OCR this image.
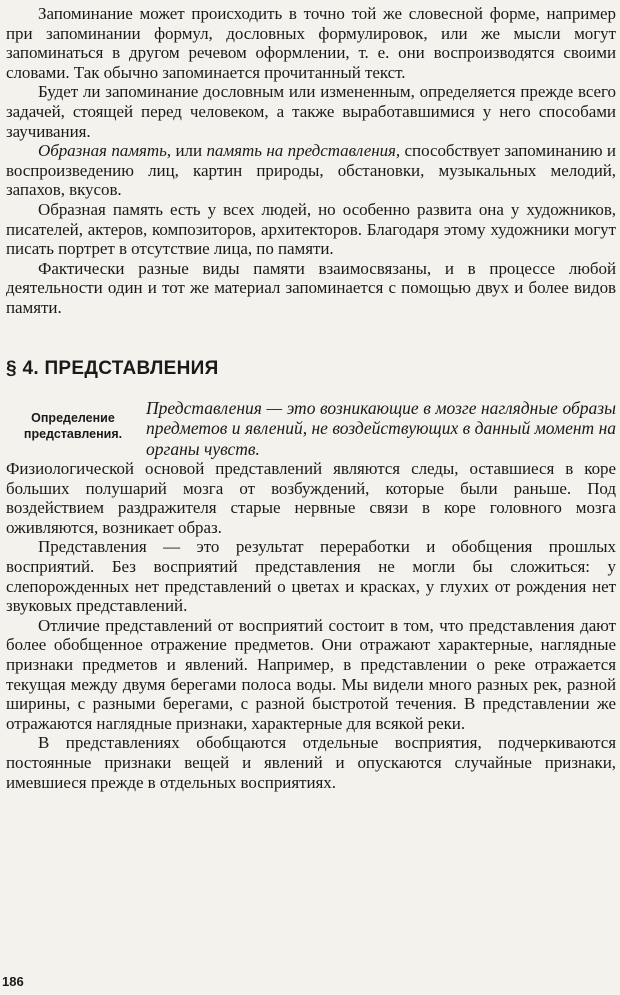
Запоминание может происходить в точно той же словесной форме, например при запоминании формул, дословных формулировок, или же мысли могут запоминаться в другом речевом оформлении, т. е. они воспроизводятся своими словами. Так обычно запоминается прочитанный текст.

Будет ли запоминание дословным или измененным, определяется прежде всего задачей, стоящей перед человеком, а также выработавшимися у него способами заучивания.

Образная память, или память на представления, способствует запоминанию и воспроизведению лиц, картин природы, обстановки, музыкальных мелодий, запахов, вкусов.

Образная память есть у всех людей, но особенно развита она у художников, писателей, актеров, композиторов, архитекторов. Благодаря этому художники могут писать портрет в отсутствие лица, по памяти.

Фактически разные виды памяти взаимосвязаны, и в процессе любой деятельности один и тот же материал запоминается с помощью двух и более видов памяти.

§ 4. ПРЕДСТАВЛЕНИЯ
Определение представления.
Представления — это возникающие в мозге наглядные образы предметов и явлений, не воздействующих в данный момент на органы чувств.

Физиологической основой представлений являются следы, оставшиеся в коре больших полушарий мозга от возбуждений, которые были раньше. Под воздействием раздражителя старые нервные связи в коре головного мозга оживляются, возникает образ.

Представления — это результат переработки и обобщения прошлых восприятий. Без восприятий представления не могли бы сложиться: у слепорожденных нет представлений о цветах и красках, у глухих от рождения нет звуковых представлений.

Отличие представлений от восприятий состоит в том, что представления дают более обобщенное отражение предметов. Они отражают характерные, наглядные признаки предметов и явлений. Например, в представлении о реке отражается текущая между двумя берегами полоса воды. Мы видели много разных рек, разной ширины, с разными берегами, с разной быстротой течения. В представлении же отражаются наглядные признаки, характерные для всякой реки.

В представлениях обобщаются отдельные восприятия, подчеркиваются постоянные признаки вещей и явлений и опускаются случайные признаки, имевшиеся прежде в отдельных восприятиях.

186
